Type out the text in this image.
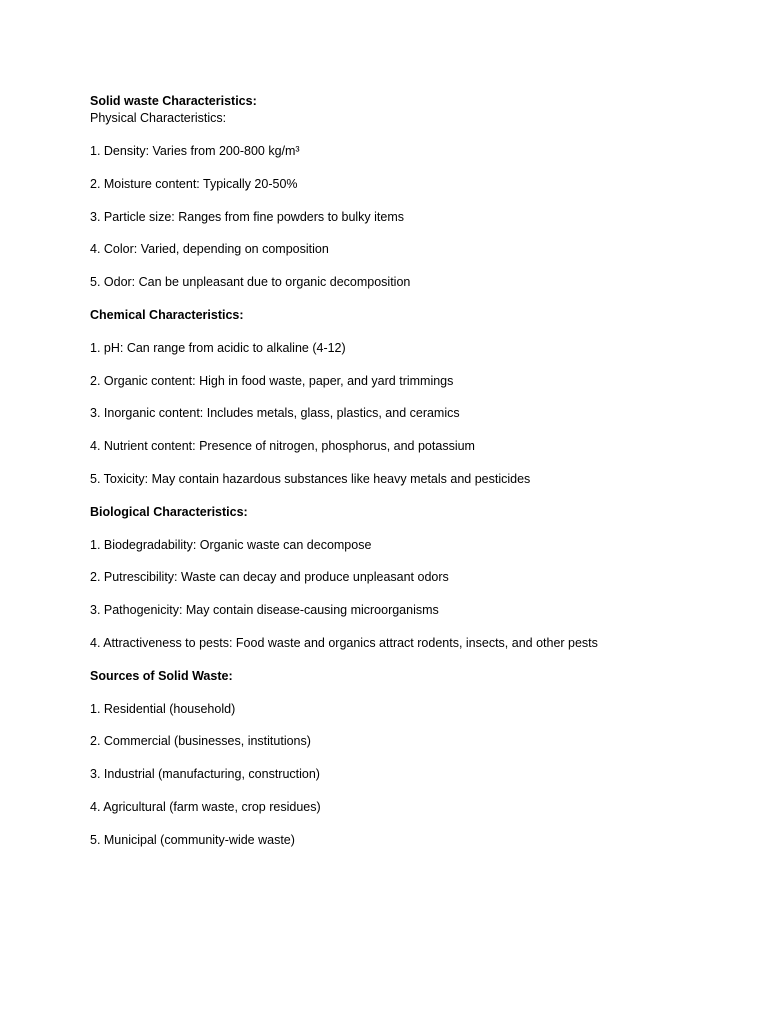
Solid waste Characteristics:

Physical Characteristics:

1. Density: Varies from 200-800 kg/m³

2. Moisture content: Typically 20-50%

3. Particle size: Ranges from fine powders to bulky items

4. Color: Varied, depending on composition

5. Odor: Can be unpleasant due to organic decomposition

Chemical Characteristics:

1. pH: Can range from acidic to alkaline (4-12)

2. Organic content: High in food waste, paper, and yard trimmings

3. Inorganic content: Includes metals, glass, plastics, and ceramics

4. Nutrient content: Presence of nitrogen, phosphorus, and potassium

5. Toxicity: May contain hazardous substances like heavy metals and pesticides

Biological Characteristics:

1. Biodegradability: Organic waste can decompose

2. Putrescibility: Waste can decay and produce unpleasant odors

3. Pathogenicity: May contain disease-causing microorganisms

4. Attractiveness to pests: Food waste and organics attract rodents, insects, and other pests

Sources of Solid Waste:

1. Residential (household)

2. Commercial (businesses, institutions)

3. Industrial (manufacturing, construction)

4. Agricultural (farm waste, crop residues)

5. Municipal (community-wide waste)
